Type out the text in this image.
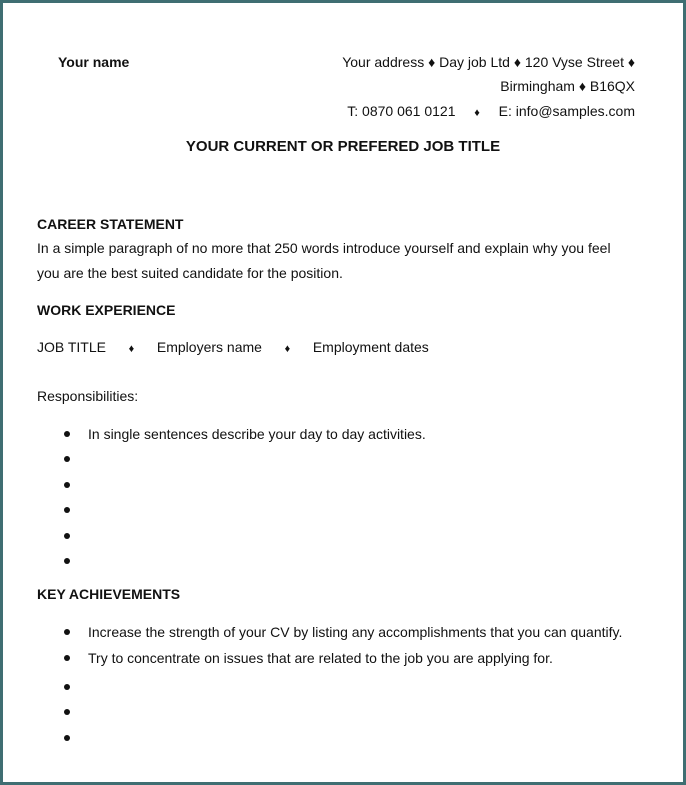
Your name	Your address ♦ Day job Ltd ♦ 120 Vyse Street ♦
Birmingham ♦ B16QX
T: 0870 061 0121 ♦ E: info@samples.com
YOUR CURRENT OR PREFERED JOB TITLE
CAREER STATEMENT
In a simple paragraph of no more that 250 words introduce yourself and explain why you feel
you are the best suited candidate for the position.
WORK EXPERIENCE
JOB TITLE ♦ Employers name ♦ Employment dates
Responsibilities:
In single sentences describe your day to day activities.
KEY ACHIEVEMENTS
Increase the strength of your CV by listing any accomplishments that you can quantify.
Try to concentrate on issues that are related to the job you are applying for.
